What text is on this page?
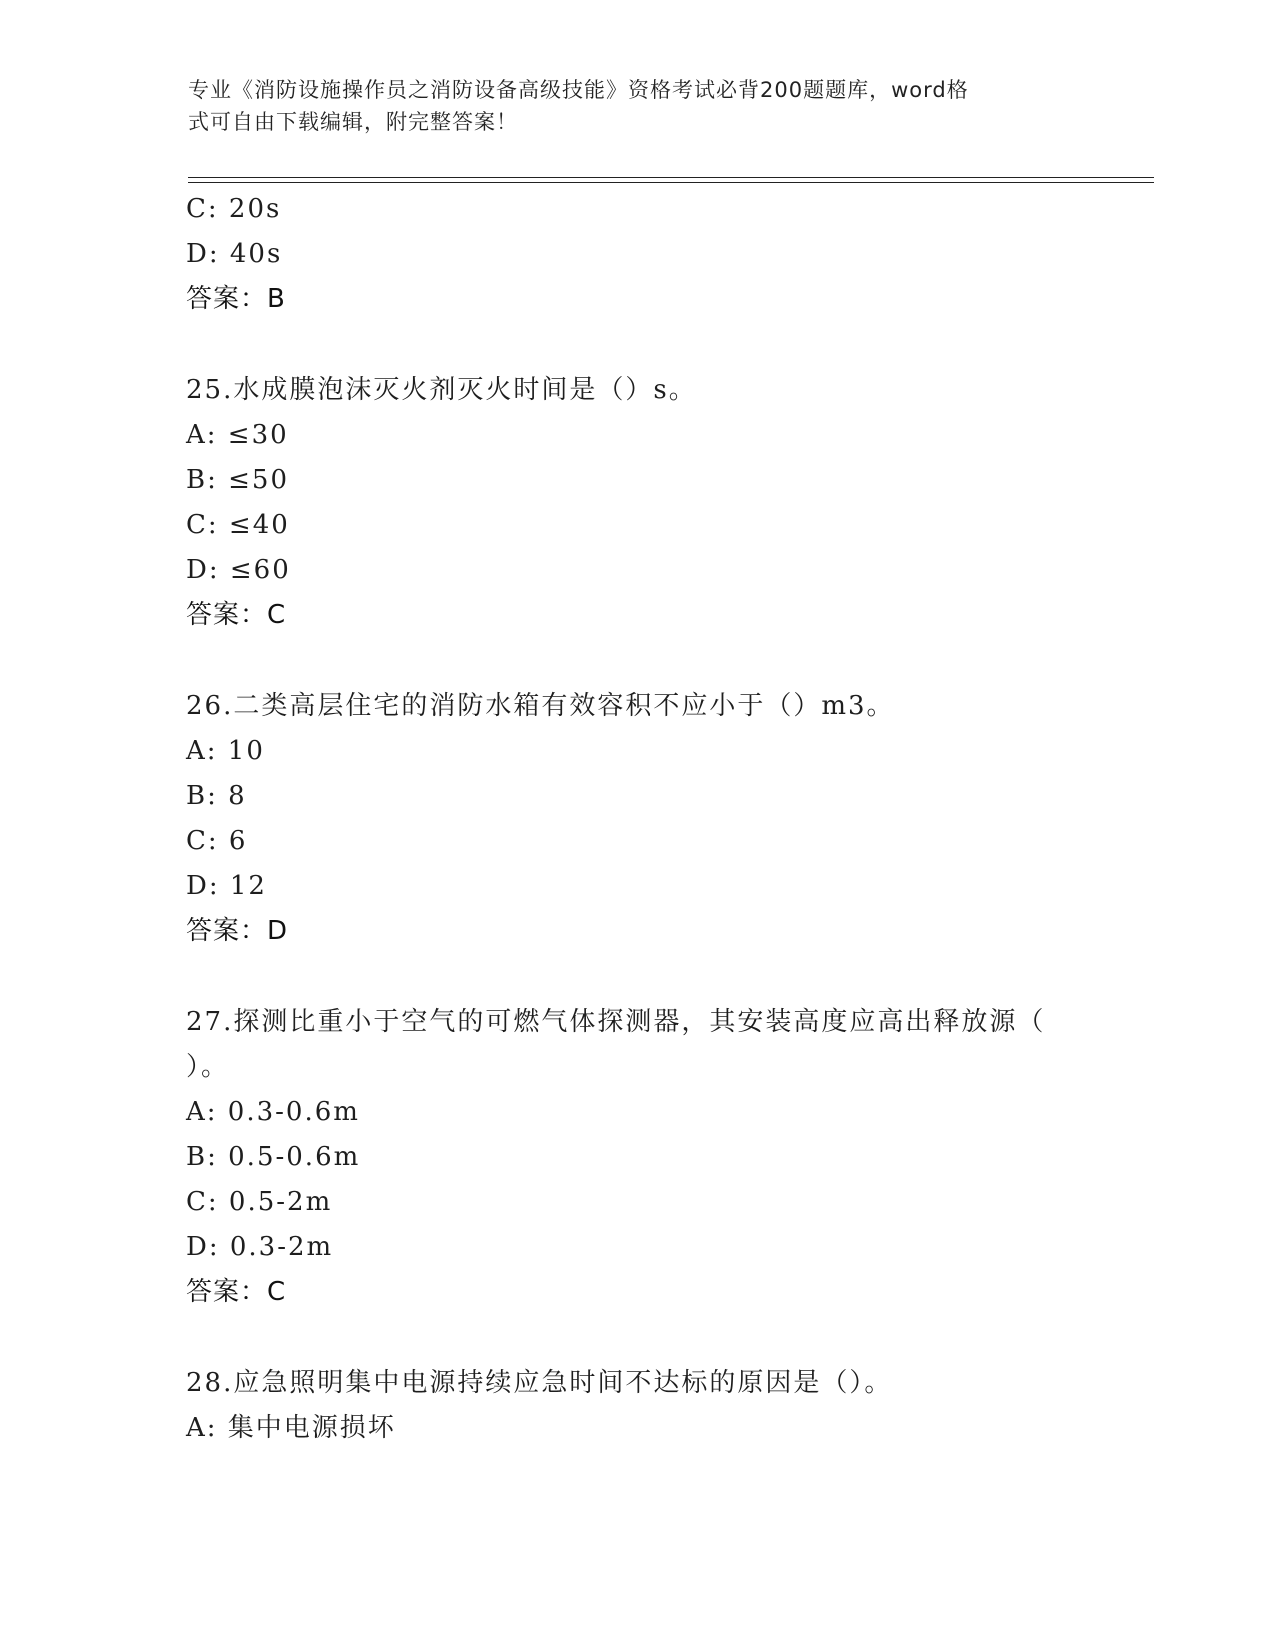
专业《消防设施操作员之消防设备高级技能》资格考试必背200题题库，word格
式可自由下载编辑，附完整答案！
C: 20s
D: 40s
答案：B
25.水成膜泡沫灭火剂灭火时间是（）s。
A: ≤30
B: ≤50
C: ≤40
D: ≤60
答案：C
26.二类高层住宅的消防水箱有效容积不应小于（）m3。
A: 10
B: 8
C: 6
D: 12
答案：D
27.探测比重小于空气的可燃气体探测器，其安装高度应高出释放源（
）。
A: 0.3-0.6m
B: 0.5-0.6m
C: 0.5-2m
D: 0.3-2m
答案：C
28.应急照明集中电源持续应急时间不达标的原因是（）。
A: 集中电源损坏
